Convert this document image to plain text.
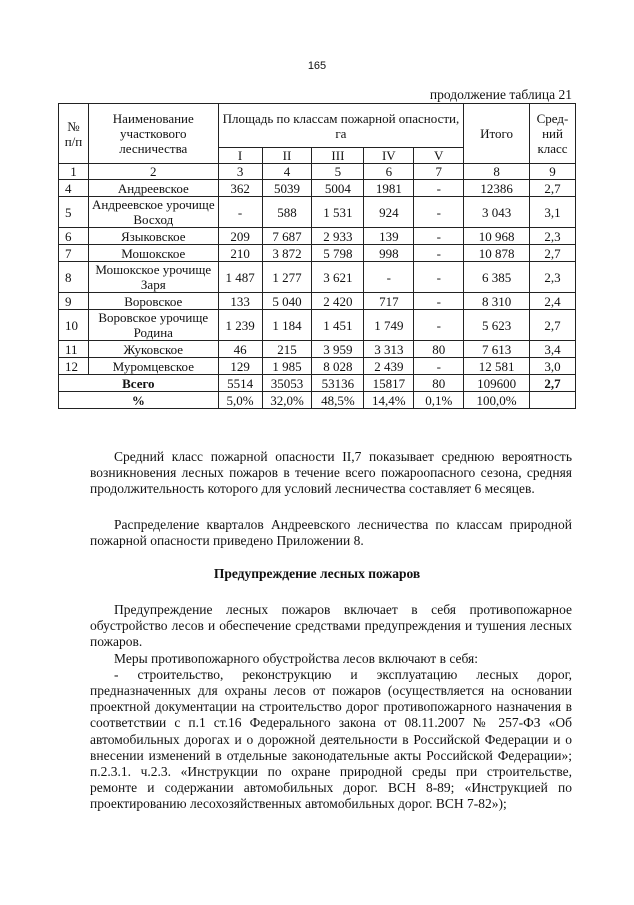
165
продолжение таблица 21
№ п/п	Наименование участкового лесничества	Площадь по классам пожарной опасности, га					Итого	Сред-ний класс
		I	II	III	IV	V		
1	2	3	4	5	6	7	8	9
4	Андреевское	362	5039	5004	1981	-	12386	2,7
5	Андреевское урочище Восход	-	588	1 531	924	-	3 043	3,1
6	Языковское	209	7 687	2 933	139	-	10 968	2,3
7	Мошокское	210	3 872	5 798	998	-	10 878	2,7
8	Мошокское урочище Заря	1 487	1 277	3 621	-	-	6 385	2,3
9	Воровское	133	5 040	2 420	717	-	8 310	2,4
10	Воровское урочище Родина	1 239	1 184	1 451	1 749	-	5 623	2,7
11	Жуковское	46	215	3 959	3 313	80	7 613	3,4
12	Муромцевское	129	1 985	8 028	2 439	-	12 581	3,0
Всего		5514	35053	53136	15817	80	109600	2,7
%		5,0%	32,0%	48,5%	14,4%	0,1%	100,0%	

Средний класс пожарной опасности II,7 показывает среднюю вероятность возникновения лесных пожаров в течение всего пожароопасного сезона, средняя продолжительность которого для условий лесничества составляет 6 месяцев.

Распределение кварталов Андреевского лесничества по классам природной пожарной опасности приведено Приложении 8.

Предупреждение лесных пожаров

Предупреждение лесных пожаров включает в себя противопожарное обустройство лесов и обеспечение средствами предупреждения и тушения лесных пожаров.

Меры противопожарного обустройства лесов включают в себя:

- строительство, реконструкцию и эксплуатацию лесных дорог, предназначенных для охраны лесов от пожаров (осуществляется на основании проектной документации на строительство дорог противопожарного назначения в соответствии с п.1 ст.16 Федерального закона от 08.11.2007 № 257-ФЗ «Об автомобильных дорогах и о дорожной деятельности в Российской Федерации и о внесении изменений в отдельные законодательные акты Российской Федерации»; п.2.3.1. ч.2.3. «Инструкции по охране природной среды при строительстве, ремонте и содержании автомобильных дорог. ВСН 8-89; «Инструкцией по проектированию лесохозяйственных автомобильных дорог. ВСН 7-82»);
